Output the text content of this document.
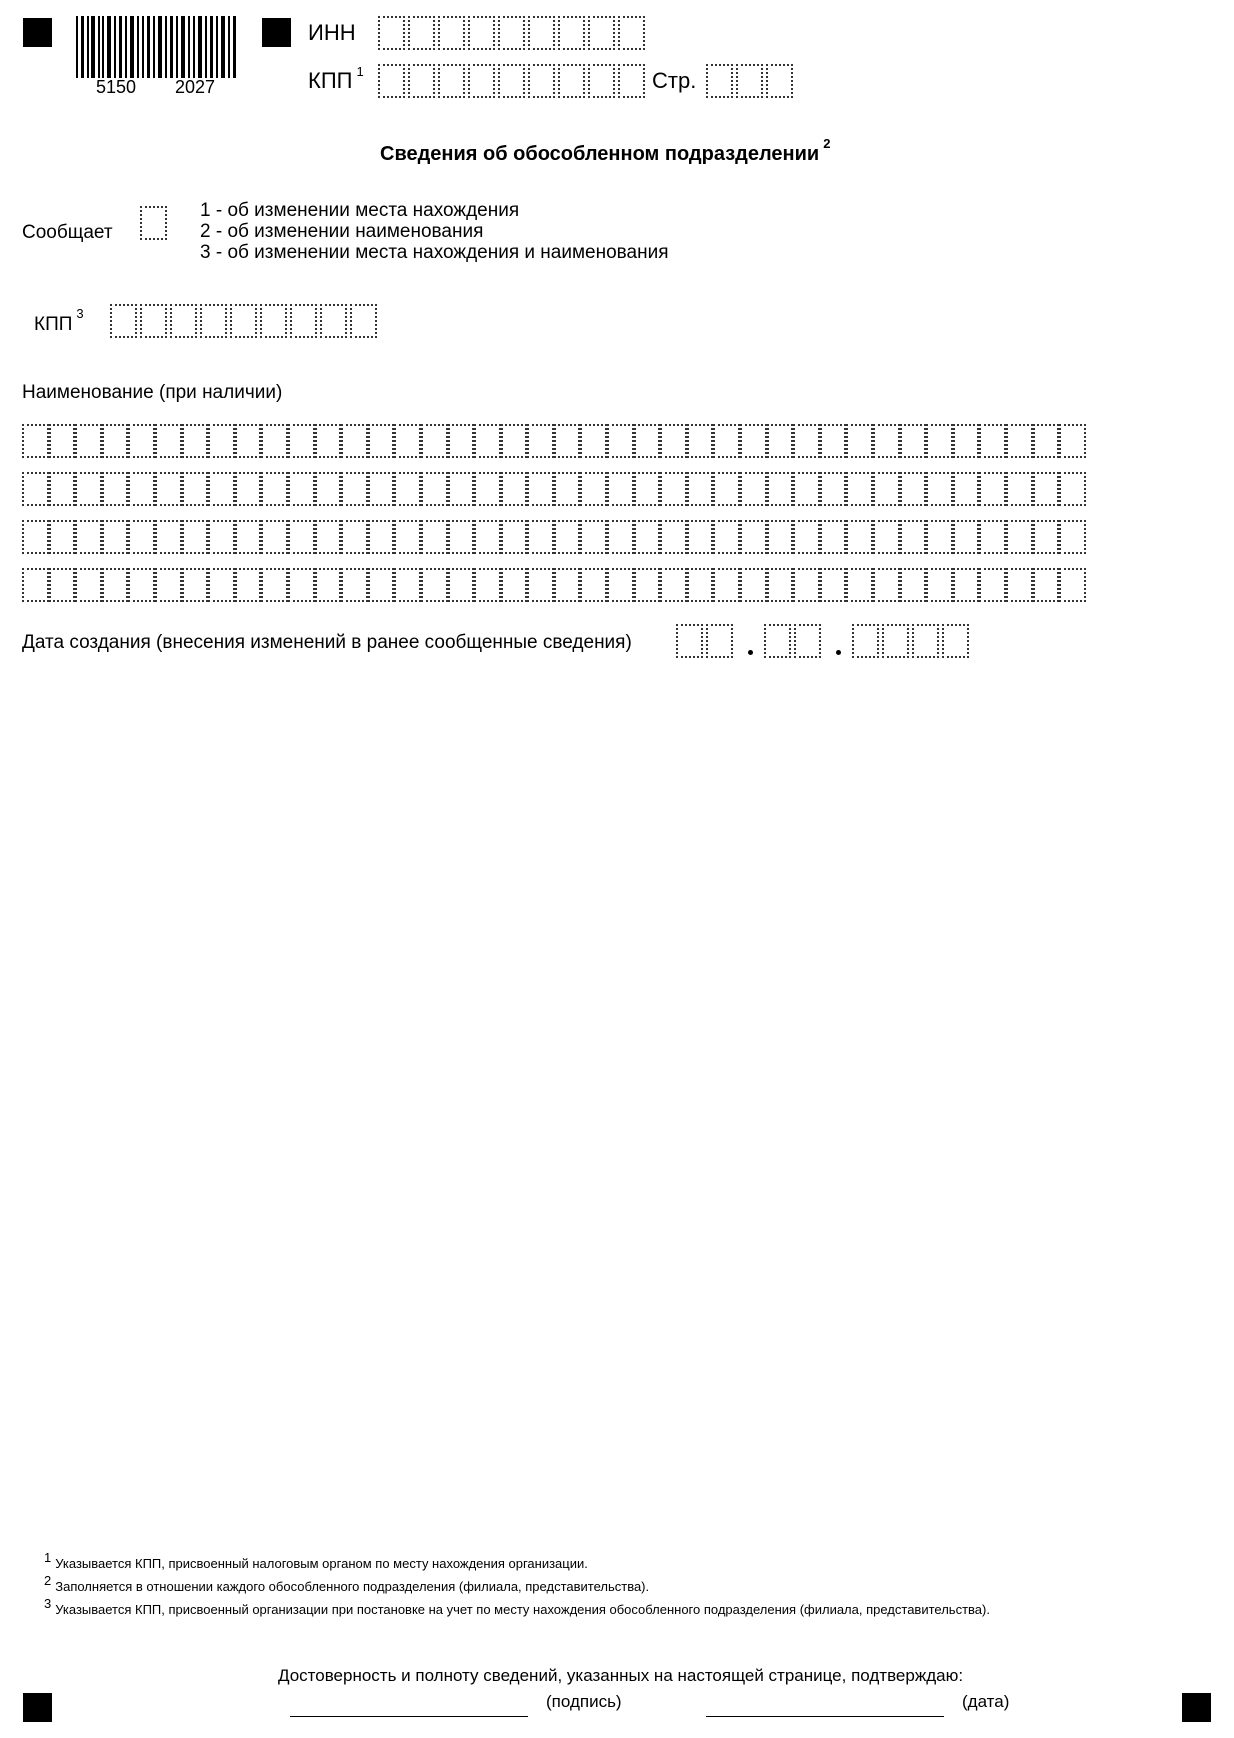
5150 2027
ИНН
КПП $^1$	Стр.
Сведения об обособленном подразделении $^2$
Сообщает
1 - об изменении места нахождения
2 - об изменении наименования
3 - об изменении места нахождения и наименования
КПП$^3$
Наименование (при наличии)
Дата создания (внесения изменений в ранее сообщенные сведения)
1 Указывается КПП, присвоенный налоговым органом по месту нахождения организации.
2 Заполняется в отношении каждого обособленного подразделения (филиала, представительства).
3 Указывается КПП, присвоенный организации при постановке на учет по месту нахождения обособленного подразделения (филиала, представительства).
Достоверность и полноту сведений, указанных на настоящей странице, подтверждаю:
(подпись)	(дата)
